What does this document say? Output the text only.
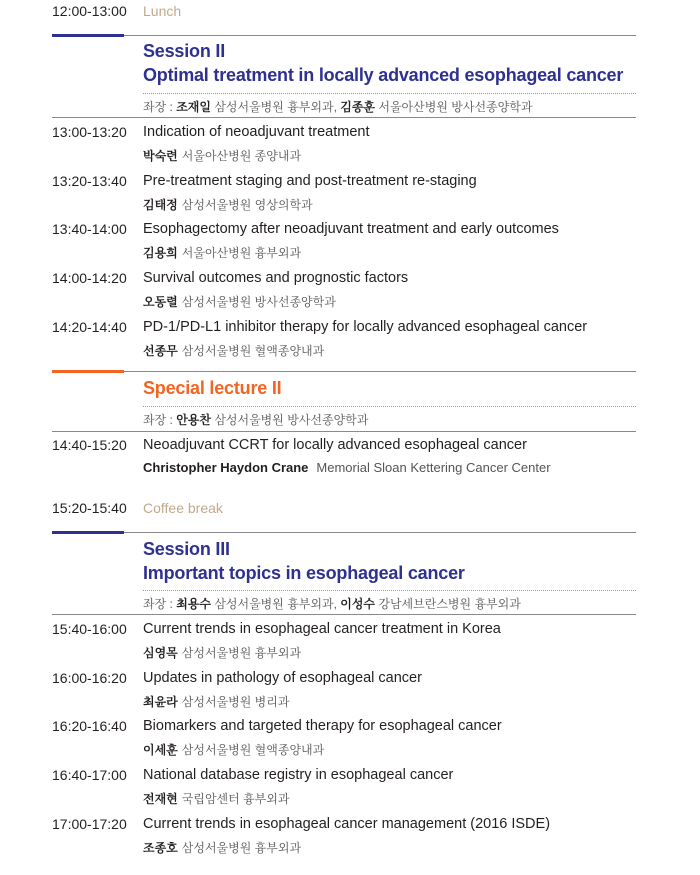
12:00-13:00 Lunch
Session II
Optimal treatment in locally advanced esophageal cancer
좌장 : 조재일 삼성서울병원 흉부외과, 김종훈 서울아산병원 방사선종양학과
13:00-13:20 Indication of neoadjuvant treatment
박숙련 서울아산병원 종양내과
13:20-13:40 Pre-treatment staging and post-treatment re-staging
김태정 삼성서울병원 영상의학과
13:40-14:00 Esophagectomy after neoadjuvant treatment and early outcomes
김용희 서울아산병원 흉부외과
14:00-14:20 Survival outcomes and prognostic factors
오동렬 삼성서울병원 방사선종양학과
14:20-14:40 PD-1/PD-L1 inhibitor therapy for locally advanced esophageal cancer
선종무 삼성서울병원 혈액종양내과
Special lecture II
좌장 : 안용찬 삼성서울병원 방사선종양학과
14:40-15:20 Neoadjuvant CCRT for locally advanced esophageal cancer
Christopher Haydon Crane Memorial Sloan Kettering Cancer Center
15:20-15:40 Coffee break
Session III
Important topics in esophageal cancer
좌장 : 최용수 삼성서울병원 흉부외과, 이성수 강남세브란스병원 흉부외과
15:40-16:00 Current trends in esophageal cancer treatment in Korea
심영목 삼성서울병원 흉부외과
16:00-16:20 Updates in pathology of esophageal cancer
최윤라 삼성서울병원 병리과
16:20-16:40 Biomarkers and targeted therapy for esophageal cancer
이세훈 삼성서울병원 혈액종양내과
16:40-17:00 National database registry in esophageal cancer
전재현 국립암센터 흉부외과
17:00-17:20 Current trends in esophageal cancer management (2016 ISDE)
조종호 삼성서울병원 흉부외과
